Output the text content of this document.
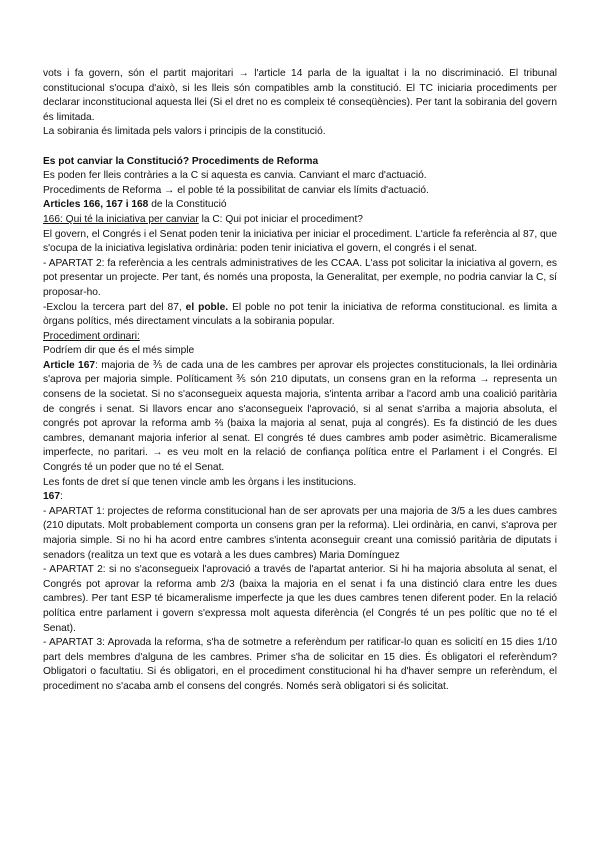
vots i fa govern, són el partit majoritari → l'article 14 parla de la igualtat i la no discriminació. El tribunal constitucional s'ocupa d'això, si les lleis són compatibles amb la constitució. El TC iniciaria procediments per declarar inconstitucional aquesta llei (Si el dret no es compleix té conseqüències). Per tant la sobirania del govern és limitada.

La sobirania és limitada pels valors i principis de la constitució.

Es pot canviar la Constitució? Procediments de Reforma

Es poden fer lleis contràries a la C si aquesta es canvia. Canviant el marc d'actuació.

Procediments de Reforma → el poble té la possibilitat de canviar els límits d'actuació.

Articles 166, 167 i 168 de la Constitució

166: Qui té la iniciativa per canviar la C: Qui pot iniciar el procediment?

El govern, el Congrés i el Senat poden tenir la iniciativa per iniciar el procediment. L'article fa referència al 87, que s'ocupa de la iniciativa legislativa ordinària: poden tenir iniciativa el govern, el congrés i el senat.

- APARTAT 2: fa referència a les centrals administratives de les CCAA. L'ass pot solicitar la iniciativa al govern, es pot presentar un projecte. Per tant, és només una proposta, la Generalitat, per exemple, no podria canviar la C, sí proposar-ho.

-Exclou la tercera part del 87, el poble. El poble no pot tenir la iniciativa de reforma constitucional. es limita a òrgans polítics, més directament vinculats a la sobirania popular.

Procediment ordinari:

Podríem dir que és el més simple

Article 167: majoria de ⅗ de cada una de les cambres per aprovar els projectes constitucionals, la llei ordinària s'aprova per majoria simple. Políticament ⅗ són 210 diputats, un consens gran en la reforma → representa un consens de la societat. Si no s'aconsegueix aquesta majoria, s'intenta arribar a l'acord amb una coalició paritària de congrés i senat. Si llavors encar ano s'aconsegueix l'aprovació, si al senat s'arriba a majoria absoluta, el congrés pot aprovar la reforma amb ⅔ (baixa la majoria al senat, puja al congrés). Es fa distinció de les dues cambres, demanant majoria inferior al senat. El congrés té dues cambres amb poder asimètric. Bicameralisme imperfecte, no paritari. → es veu molt en la relació de confiança política entre el Parlament i el Congrés. El Congrés té un poder que no té el Senat.

Les fonts de dret sí que tenen vincle amb les òrgans i les institucions.

167:

- APARTAT 1: projectes de reforma constitucional han de ser aprovats per una majoria de 3/5 a les dues cambres (210 diputats. Molt probablement comporta un consens gran per la reforma). Llei ordinària, en canvi, s'aprova per majoria simple. Si no hi ha acord entre cambres s'intenta aconseguir creant una comissió paritària de diputats i senadors (realitza un text que es votarà a les dues cambres) Maria Domínguez

- APARTAT 2: si no s'aconsegueix l'aprovació a través de l'apartat anterior. Si hi ha majoria absoluta al senat, el Congrés pot aprovar la reforma amb 2/3 (baixa la majoria en el senat i fa una distinció clara entre les dues cambres). Per tant ESP té bicameralisme imperfecte ja que les dues cambres tenen diferent poder. En la relació política entre parlament i govern s'expressa molt aquesta diferència (el Congrés té un pes polític que no té el Senat).

- APARTAT 3: Aprovada la reforma, s'ha de sotmetre a referèndum per ratificar-lo quan es solicití en 15 dies 1/10 part dels membres d'alguna de les cambres. Primer s'ha de solicitar en 15 dies. És obligatori el referèndum? Obligatori o facultatiu. Si és obligatori, en el procediment constitucional hi ha d'haver sempre un referèndum, el procediment no s'acaba amb el consens del congrés. Només serà obligatori si és solicitat.
